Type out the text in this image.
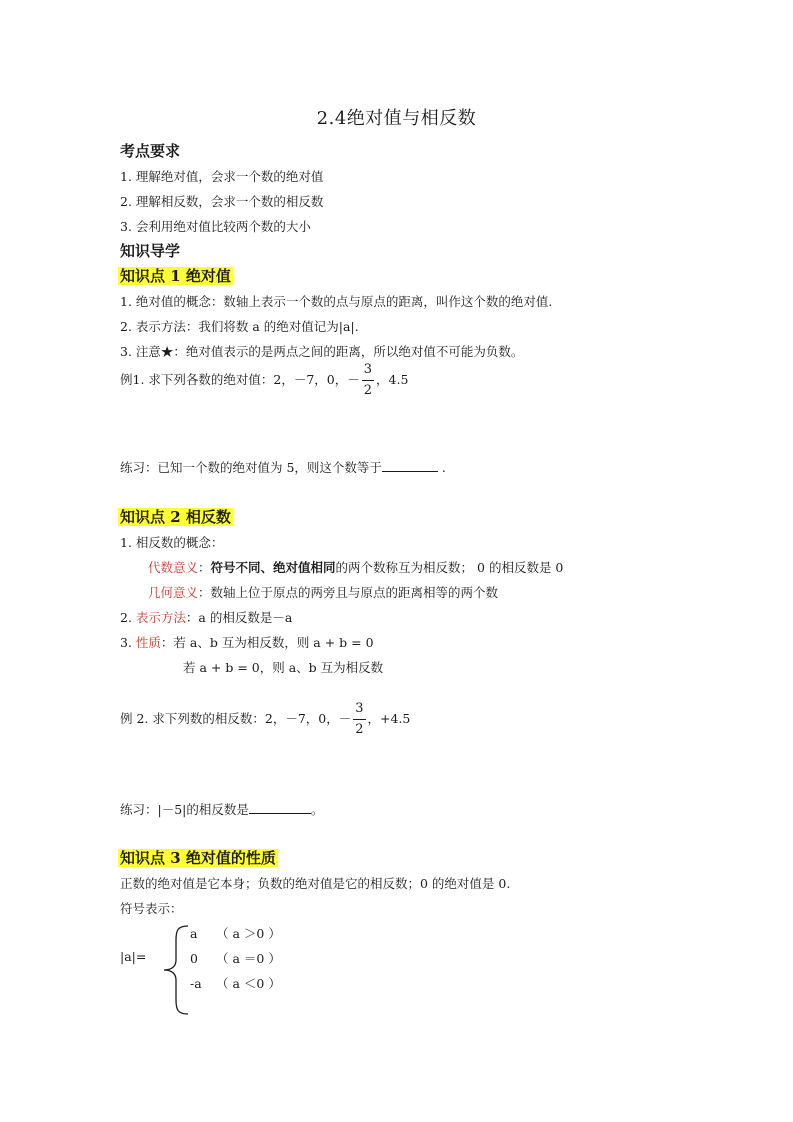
2.4绝对值与相反数
考点要求
1. 理解绝对值，会求一个数的绝对值
2. 理解相反数，会求一个数的相反数
3. 会利用绝对值比较两个数的大小
知识导学
知识点 1 绝对值
1. 绝对值的概念：数轴上表示一个数的点与原点的距离，叫作这个数的绝对值.
2. 表示方法：我们将数 a 的绝对值记为|a|.
3. 注意★：绝对值表示的是两点之间的距离，所以绝对值不可能为负数。
例1. 求下列各数的绝对值：2，－7，0，－ $\frac{3}{2}$ ，4.5
练习：已知一个数的绝对值为 5，则这个数等于	.
知识点 2 相反数
1. 相反数的概念：
代数意义：符号不同、绝对值相同的两个数称互为相反数； 0 的相反数是 0
几何意义：数轴上位于原点的两旁且与原点的距离相等的两个数
2. 表示方法：a 的相反数是－a
3. 性质：若 a、b 互为相反数，则 a + b = 0
若 a + b = 0，则 a、b 互为相反数
例 2. 求下列数的相反数：2，－7，0，－ $\frac{3}{2}$ ，+4.5
练习：|－5|的相反数是	。
知识点 3 绝对值的性质
正数的绝对值是它本身；负数的绝对值是它的相反数；0 的绝对值是 0.
符号表示：
|a|=
a （ a ＞0 ）
0 （ a ＝0 ）
-a （ a ＜0 ）
